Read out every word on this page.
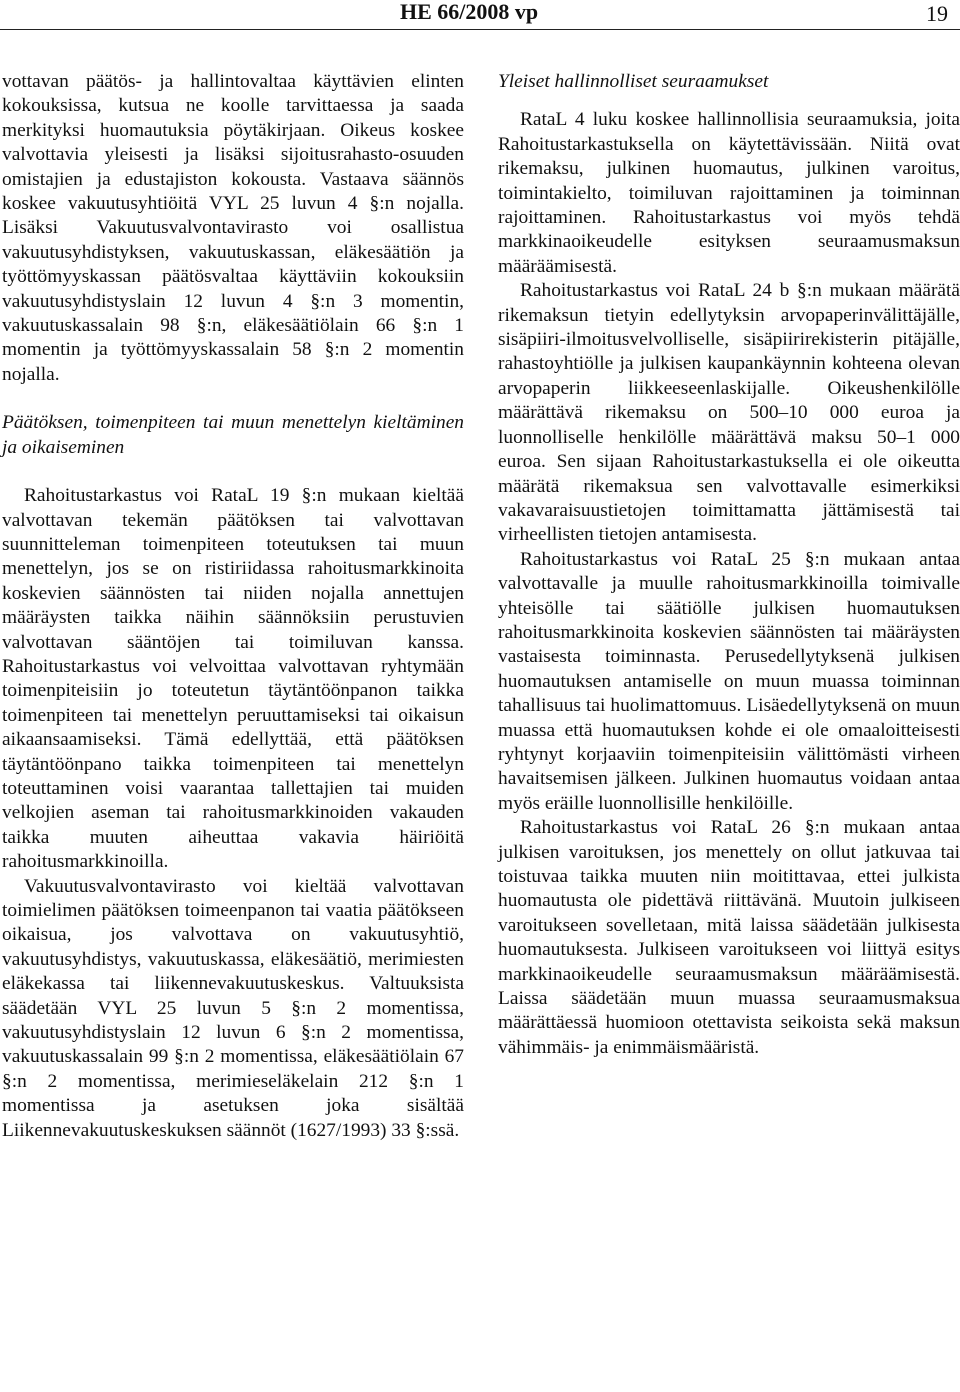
HE 66/2008 vp	19

vottavan päätös- ja hallintovaltaa käyttävien elinten kokouksissa, kutsua ne koolle tarvittaessa ja saada merkityksi huomautuksia pöytäkirjaan. Oikeus koskee valvottavia yleisesti ja lisäksi sijoitusrahasto-osuuden omistajien ja edustajiston kokousta. Vastaava säännös koskee vakuutusyhtiöitä VYL 25 luvun 4 §:n nojalla. Lisäksi Vakuutusvalvontavirasto voi osallistua vakuutusyhdistyksen, vakuutuskassan, eläkesäätiön ja työttömyyskassan päätösvaltaa käyttäviin kokouksiin vakuutusyhdistyslain 12 luvun 4 §:n 3 momentin, vakuutuskassalain 98 §:n, eläkesäätiölain 66 §:n 1 momentin ja työttömyyskassalain 58 §:n 2 momentin nojalla.

Päätöksen, toimenpiteen tai muun menettelyn kieltäminen ja oikaiseminen

Rahoitustarkastus voi RataL 19 §:n mukaan kieltää valvottavan tekemän päätöksen tai valvottavan suunnitteleman toimenpiteen toteutuksen tai muun menettelyn, jos se on ristiriidassa rahoitusmarkkinoita koskevien säännösten tai niiden nojalla annettujen määräysten taikka näihin säännöksiin perustuvien valvottavan sääntöjen tai toimiluvan kanssa. Rahoitustarkastus voi velvoittaa valvottavan ryhtymään toimenpiteisiin jo toteutetun täytäntöönpanon taikka toimenpiteen tai menettelyn peruuttamiseksi tai oikaisun aikaansaamiseksi. Tämä edellyttää, että päätöksen täytäntöönpano taikka toimenpiteen tai menettelyn toteuttaminen voisi vaarantaa tallettajien tai muiden velkojien aseman tai rahoitusmarkkinoiden vakauden taikka muuten aiheuttaa vakavia häiriöitä rahoitusmarkkinoilla.

Vakuutusvalvontavirasto voi kieltää valvottavan toimielimen päätöksen toimeenpanon tai vaatia päätökseen oikaisua, jos valvottava on vakuutusyhtiö, vakuutusyhdistys, vakuutuskassa, eläkesäätiö, merimiesten eläkekassa tai liikennevakuutuskeskus. Valtuuksista säädetään VYL 25 luvun 5 §:n 2 momentissa, vakuutusyhdistyslain 12 luvun 6 §:n 2 momentissa, vakuutuskassalain 99 §:n 2 momentissa, eläkesäätiölain 67 §:n 2 momentissa, merimieseläkelain 212 §:n 1 momentissa ja asetuksen joka sisältää Liikennevakuutuskeskuksen säännöt (1627/1993) 33 §:ssä.

Yleiset hallinnolliset seuraamukset

RataL 4 luku koskee hallinnollisia seuraamuksia, joita Rahoitustarkastuksella on käytettävissään. Niitä ovat rikemaksu, julkinen huomautus, julkinen varoitus, toimintakielto, toimiluvan rajoittaminen ja toiminnan rajoittaminen. Rahoitustarkastus voi myös tehdä markkinaoikeudelle esityksen seuraamusmaksun määräämisestä.

Rahoitustarkastus voi RataL 24 b §:n mukaan määrätä rikemaksun tietyin edellytyksin arvopaperinvälittäjälle, sisäpiiri-ilmoitusvelvolliselle, sisäpiirirekisterin pitäjälle, rahastoyhtiölle ja julkisen kaupankäynnin kohteena olevan arvopaperin liikkeeseenlaskijalle. Oikeushenkilölle määrättävä rikemaksu on 500–10 000 euroa ja luonnolliselle henkilölle määrättävä maksu 50–1 000 euroa. Sen sijaan Rahoitustarkastuksella ei ole oikeutta määrätä rikemaksua sen valvottavalle esimerkiksi vakavaraisuustietojen toimittamatta jättämisestä tai virheellisten tietojen antamisesta.

Rahoitustarkastus voi RataL 25 §:n mukaan antaa valvottavalle ja muulle rahoitusmarkkinoilla toimivalle yhteisölle tai säätiölle julkisen huomautuksen rahoitusmarkkinoita koskevien säännösten tai määräysten vastaisesta toiminnasta. Perusedellytyksenä julkisen huomautuksen antamiselle on muun muassa toiminnan tahallisuus tai huolimattomuus. Lisäedellytyksenä on muun muassa että huomautuksen kohde ei ole omaaloitteisesti ryhtynyt korjaaviin toimenpiteisiin välittömästi virheen havaitsemisen jälkeen. Julkinen huomautus voidaan antaa myös eräille luonnollisille henkilöille.

Rahoitustarkastus voi RataL 26 §:n mukaan antaa julkisen varoituksen, jos menettely on ollut jatkuvaa tai toistuvaa taikka muuten niin moitittavaa, ettei julkista huomautusta ole pidettävä riittävänä. Muutoin julkiseen varoitukseen sovelletaan, mitä laissa säädetään julkisesta huomautuksesta. Julkiseen varoitukseen voi liittyä esitys markkinaoikeudelle seuraamusmaksun määräämisestä. Laissa säädetään muun muassa seuraamusmaksua määrättäessä huomioon otettavista seikoista sekä maksun vähimmäis- ja enimmäismääristä.
